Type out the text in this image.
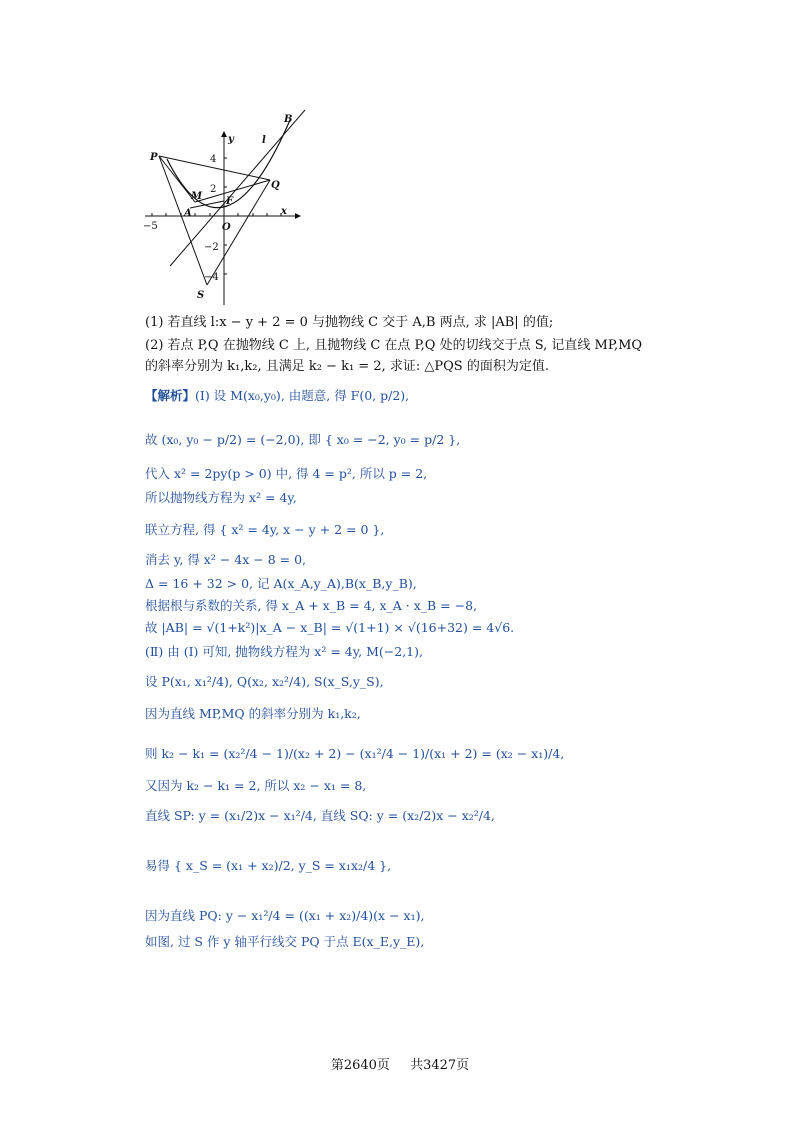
P
Q
B
l
M
A
F
O
S
x
y
4
2
−2
−4
−5
(1) 若直线 l:x − y + 2 = 0 与抛物线 C 交于 A,B 两点, 求 |AB| 的值;
(2) 若点 P,Q 在抛物线 C 上, 且抛物线 C 在点 P,Q 处的切线交于点 S, 记直线 MP,MQ
的斜率分别为 k₁,k₂, 且满足 k₂ − k₁ = 2, 求证: △PQS 的面积为定值.
【解析】(Ⅰ) 设 M(x₀,y₀), 由题意, 得 F(0, p/2),
故 (x₀, y₀ − p/2) = (−2,0), 即 { x₀ = −2, y₀ = p/2 },
代入 x² = 2py(p > 0) 中, 得 4 = p², 所以 p = 2,
所以抛物线方程为 x² = 4y,
联立方程, 得 { x² = 4y, x − y + 2 = 0 },
消去 y, 得 x² − 4x − 8 = 0,
Δ = 16 + 32 > 0, 记 A(x_A,y_A),B(x_B,y_B),
根据根与系数的关系, 得 x_A + x_B = 4, x_A · x_B = −8,
故 |AB| = √(1+k²)|x_A − x_B| = √(1+1) × √(16+32) = 4√6.
(Ⅱ) 由 (Ⅰ) 可知, 抛物线方程为 x² = 4y, M(−2,1),
设 P(x₁, x₁²/4), Q(x₂, x₂²/4), S(x_S,y_S),
因为直线 MP,MQ 的斜率分别为 k₁,k₂,
则 k₂ − k₁ = (x₂²/4 − 1)/(x₂ + 2) − (x₁²/4 − 1)/(x₁ + 2) = (x₂ − x₁)/4,
又因为 k₂ − k₁ = 2, 所以 x₂ − x₁ = 8,
直线 SP: y = (x₁/2)x − x₁²/4, 直线 SQ: y = (x₂/2)x − x₂²/4,
易得 { x_S = (x₁ + x₂)/2, y_S = x₁x₂/4 },
因为直线 PQ: y − x₁²/4 = ((x₁ + x₂)/4)(x − x₁),
如图, 过 S 作 y 轴平行线交 PQ 于点 E(x_E,y_E),
第2640页 共3427页
